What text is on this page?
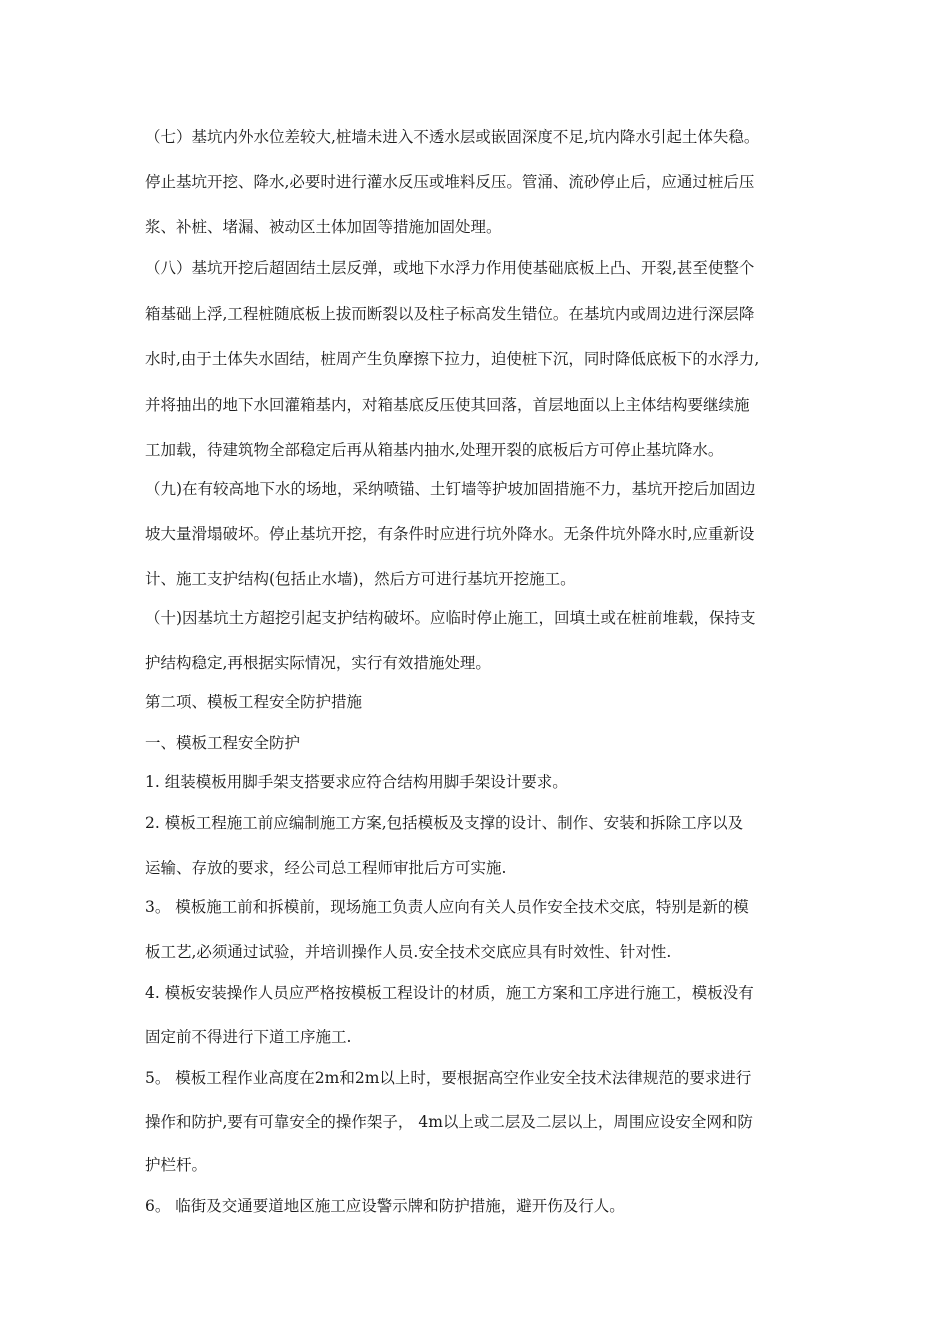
（七）基坑内外水位差较大,桩墙未进入不透水层或嵌固深度不足,坑内降水引起土体失稳。

停止基坑开挖、降水,必要时进行灌水反压或堆料反压。管涌、流砂停止后，应通过桩后压

浆、补桩、堵漏、被动区土体加固等措施加固处理。

（八）基坑开挖后超固结土层反弹，或地下水浮力作用使基础底板上凸、开裂,甚至使整个

箱基础上浮,工程桩随底板上拔而断裂以及柱子标高发生错位。在基坑内或周边进行深层降

水时,由于土体失水固结，桩周产生负摩擦下拉力，迫使桩下沉，同时降低底板下的水浮力,

并将抽出的地下水回灌箱基内，对箱基底反压使其回落，首层地面以上主体结构要继续施

工加载，待建筑物全部稳定后再从箱基内抽水,处理开裂的底板后方可停止基坑降水。

（九)在有较高地下水的场地，采纳喷锚、土钉墙等护坡加固措施不力，基坑开挖后加固边

坡大量滑塌破坏。停止基坑开挖，有条件时应进行坑外降水。无条件坑外降水时,应重新设

计、施工支护结构(包括止水墙)，然后方可进行基坑开挖施工。

（十)因基坑土方超挖引起支护结构破坏。应临时停止施工，回填土或在桩前堆载，保持支

护结构稳定,再根据实际情况，实行有效措施处理。

第二项、模板工程安全防护措施

一、模板工程安全防护

1. 组装模板用脚手架支搭要求应符合结构用脚手架设计要求。

2. 模板工程施工前应编制施工方案,包括模板及支撑的设计、制作、安装和拆除工序以及

运输、存放的要求，经公司总工程师审批后方可实施.

3。 模板施工前和拆模前，现场施工负责人应向有关人员作安全技术交底，特别是新的模

板工艺,必须通过试验，并培训操作人员.安全技术交底应具有时效性、针对性.

4. 模板安装操作人员应严格按模板工程设计的材质，施工方案和工序进行施工，模板没有

固定前不得进行下道工序施工.

5。 模板工程作业高度在2m和2m以上时，要根据高空作业安全技术法律规范的要求进行

操作和防护,要有可靠安全的操作架子， 4m以上或二层及二层以上，周围应设安全网和防

护栏杆。

6。 临街及交通要道地区施工应设警示牌和防护措施，避开伤及行人。
